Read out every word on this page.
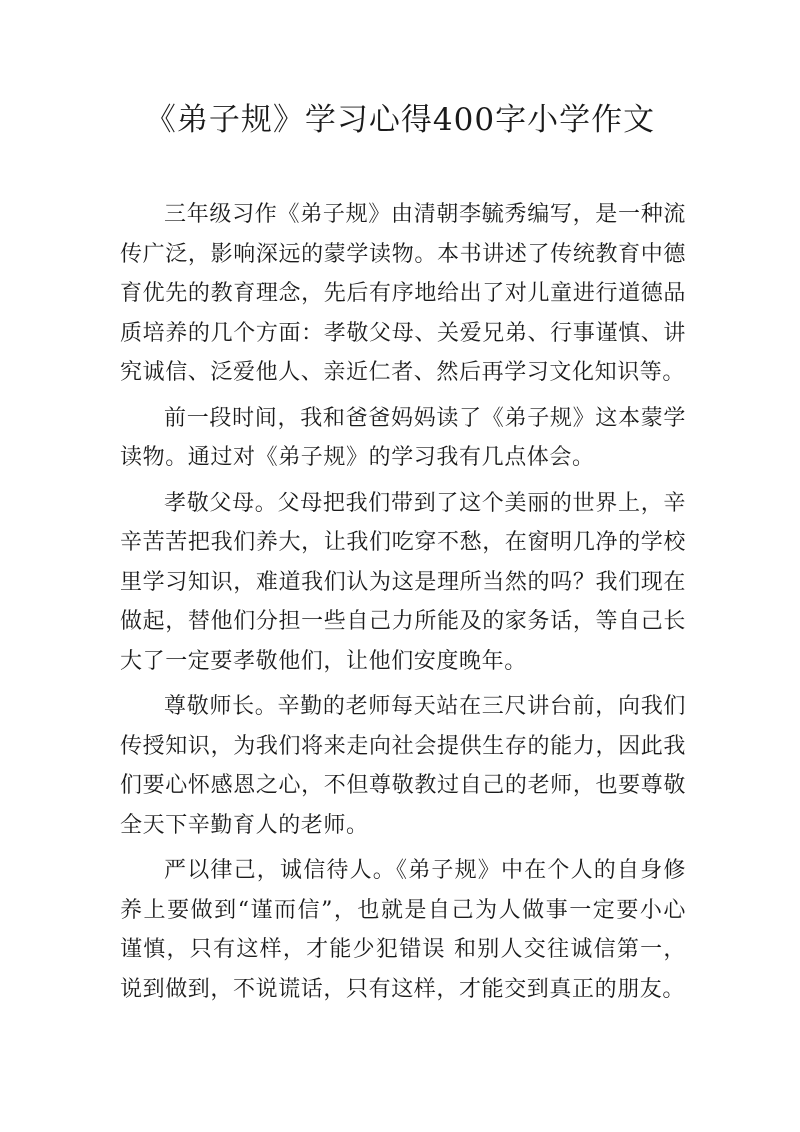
《弟子规》学习心得400字小学作文

三年级习作《弟子规》由清朝李毓秀编写，是一种流传广泛，影响深远的蒙学读物。本书讲述了传统教育中德育优先的教育理念，先后有序地给出了对儿童进行道德品质培养的几个方面：孝敬父母、关爱兄弟、行事谨慎、讲究诚信、泛爱他人、亲近仁者、然后再学习文化知识等。

前一段时间，我和爸爸妈妈读了《弟子规》这本蒙学读物。通过对《弟子规》的学习我有几点体会。

孝敬父母。父母把我们带到了这个美丽的世界上，辛辛苦苦把我们养大，让我们吃穿不愁，在窗明几净的学校里学习知识，难道我们认为这是理所当然的吗？我们现在做起，替他们分担一些自己力所能及的家务话，等自己长大了一定要孝敬他们，让他们安度晚年。

尊敬师长。辛勤的老师每天站在三尺讲台前，向我们传授知识，为我们将来走向社会提供生存的能力，因此我们要心怀感恩之心，不但尊敬教过自己的老师，也要尊敬全天下辛勤育人的老师。

严以律己，诚信待人。《弟子规》中在个人的自身修养上要做到“谨而信”，也就是自己为人做事一定要小心谨慎，只有这样，才能少犯错误 和别人交往诚信第一，说到做到，不说谎话，只有这样，才能交到真正的朋友。
